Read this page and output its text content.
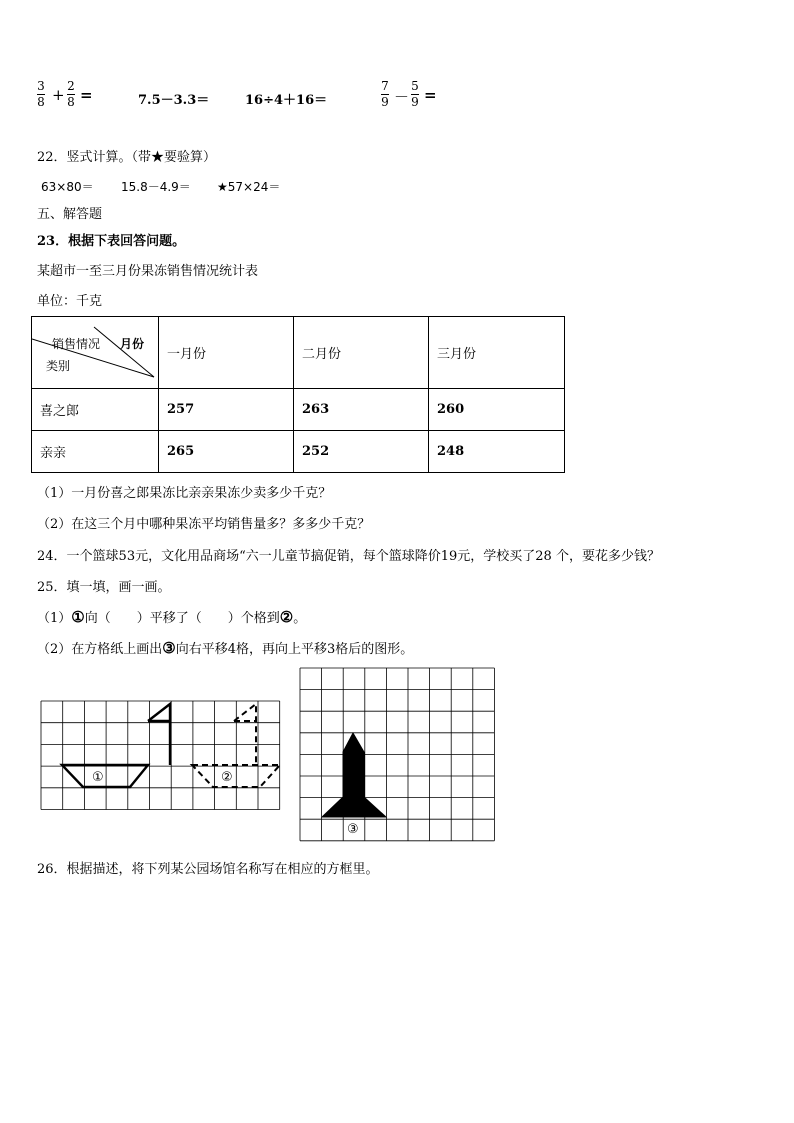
3
8 + 2
8 =	7.5－3.3＝	16÷4＋16＝
7
9 －
5
9 =
22．竖式计算。（带★要验算）
63×80＝ 15.8－4.9＝ ★57×24＝
五、解答题
23．根据下表回答问题。
某超市一至三月份果冻销售情况统计表
单位：千克
销售情况 月份
类别	一月份	二月份	三月份
喜之郎	257	263	260
亲亲	265	252	248
（1）一月份喜之郎果冻比亲亲果冻少卖多少千克？
（2）在这三个月中哪种果冻平均销售量多？多多少千克？
24．一个篮球53元，文化用品商场“六一儿童节搞促销，每个篮球降价19元，学校买了28 个，要花多少钱？
25．填一填，画一画。
（1）①向（　　）平移了（　　）个格到②。
（2）在方格纸上画出③向右平移4格，再向上平移3格后的图形。
①	②
③
26．根据描述，将下列某公园场馆名称写在相应的方框里。
